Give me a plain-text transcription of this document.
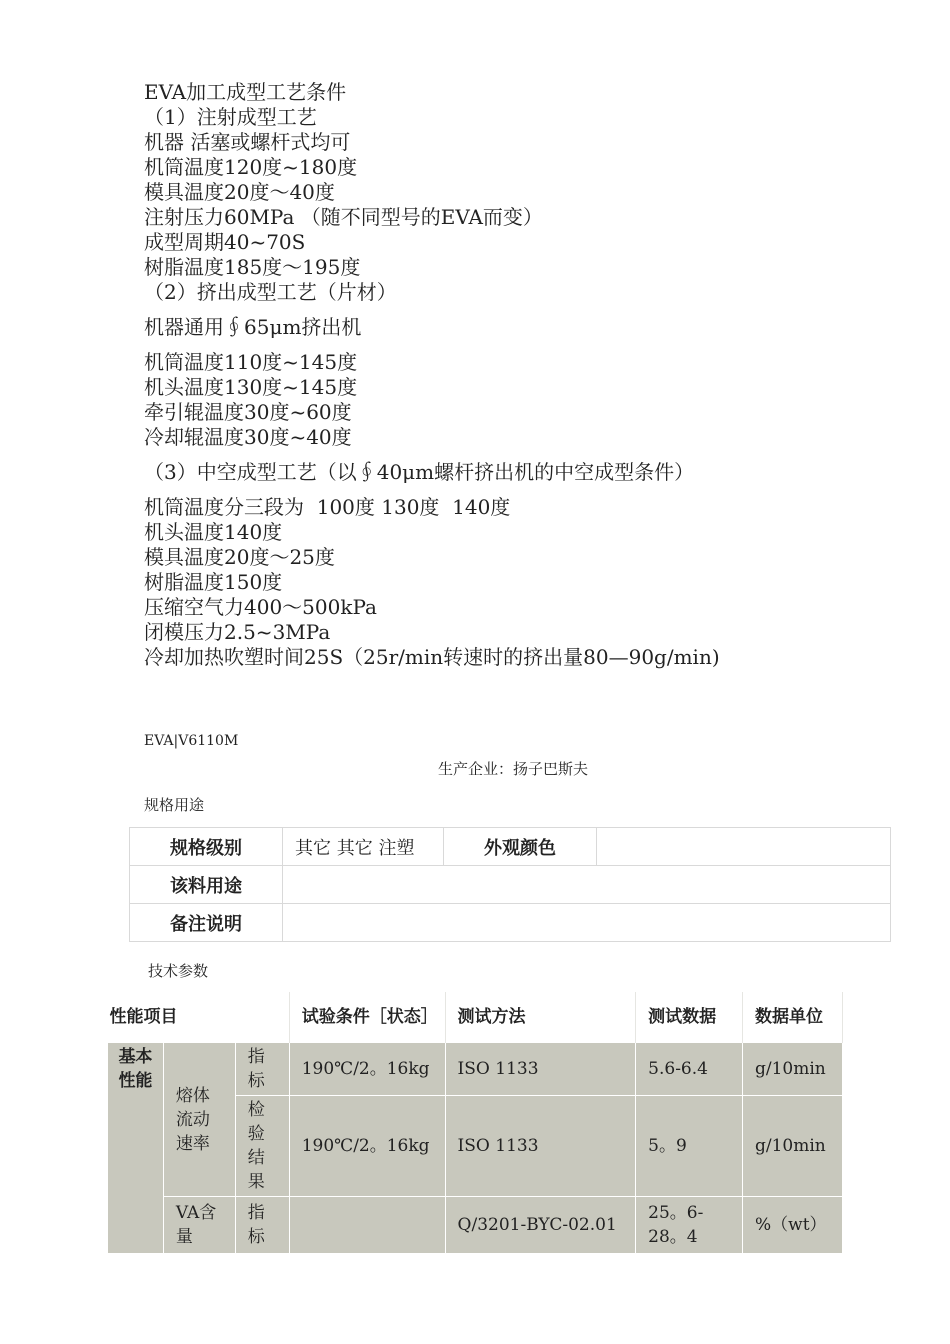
EVA加工成型工艺条件
（1）注射成型工艺
机器 活塞或螺杆式均可
机筒温度120度~180度
模具温度20度～40度
注射压力60MPa （随不同型号的EVA而变）
成型周期40~70S
树脂温度185度～195度
（2）挤出成型工艺（片材）
机器通用∮65μm挤出机
机筒温度110度~145度
机头温度130度~145度
牵引辊温度30度~60度
冷却辊温度30度~40度
（3）中空成型工艺（以∮40μm螺杆挤出机的中空成型条件）
机筒温度分三段为  100度 130度  140度
机头温度140度
模具温度20度～25度
树脂温度150度
压缩空气力400～500kPa
闭模压力2.5~3MPa
冷却加热吹塑时间25S（25r/min转速时的挤出量80—90g/min)
EVA|V6110M
生产企业：扬子巴斯夫
规格用途
规格级别	其它 其它 注塑	外观颜色	
该料用途			
备注说明			
技术参数
性能项目			试验条件［状态］	测试方法	测试数据	数据单位
基本性能	熔体流动速率	指标	190℃/2。16kg	ISO 1133	5.6-6.4	g/10min
		检验结果	190℃/2。16kg	ISO 1133	5。9	g/10min
	VA含量	指标		Q/3201-BYC-02.01	25。6-28。4	%（wt）
